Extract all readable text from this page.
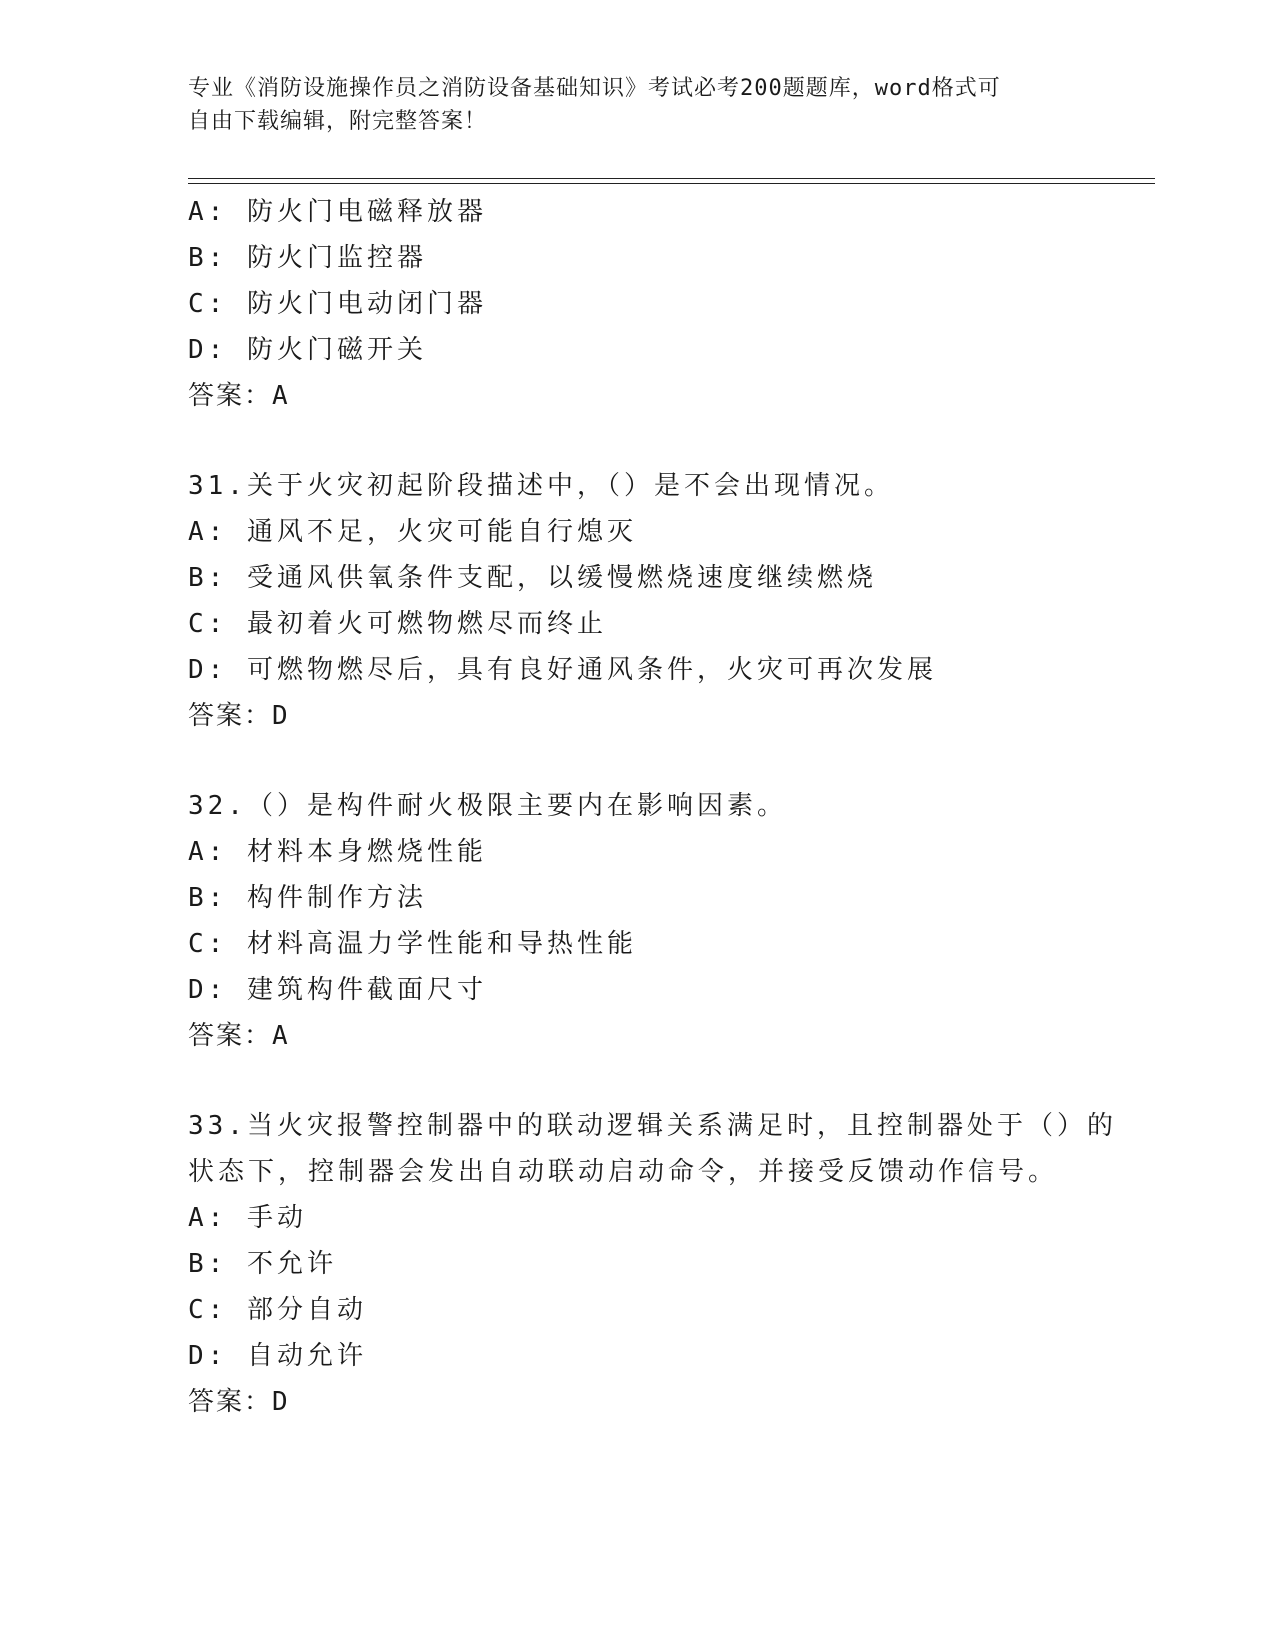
专业《消防设施操作员之消防设备基础知识》考试必考200题题库，word格式可
自由下载编辑，附完整答案！
A: 防火门电磁释放器
B: 防火门监控器
C: 防火门电动闭门器
D: 防火门磁开关
答案：A
31.关于火灾初起阶段描述中，（）是不会出现情况。
A: 通风不足，火灾可能自行熄灭
B: 受通风供氧条件支配，以缓慢燃烧速度继续燃烧
C: 最初着火可燃物燃尽而终止
D: 可燃物燃尽后，具有良好通风条件，火灾可再次发展
答案：D
32.（）是构件耐火极限主要内在影响因素。
A: 材料本身燃烧性能
B: 构件制作方法
C: 材料高温力学性能和导热性能
D: 建筑构件截面尺寸
答案：A
33.当火灾报警控制器中的联动逻辑关系满足时，且控制器处于（）的
状态下，控制器会发出自动联动启动命令，并接受反馈动作信号。
A: 手动
B: 不允许
C: 部分自动
D: 自动允许
答案：D
